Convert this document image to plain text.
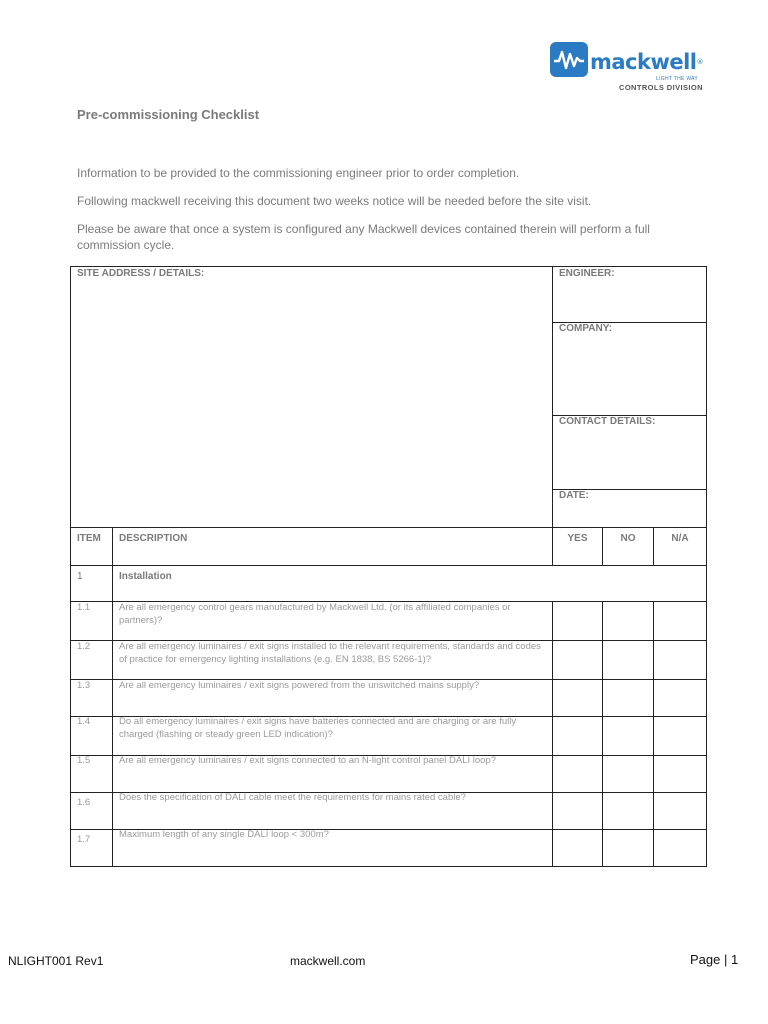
mackwell®
LIGHT THE WAY
CONTROLS DIVISION
Pre-commissioning Checklist
Information to be provided to the commissioning engineer prior to order completion.
Following mackwell receiving this document two weeks notice will be needed before the site visit.
Please be aware that once a system is configured any Mackwell devices contained therein will perform a full commission cycle.
SITE ADDRESS / DETAILS:	ENGINEER:
COMPANY:
CONTACT DETAILS:
DATE:
ITEM DESCRIPTION	YES	NO	N/A
1	Installation
1.1	Are all emergency control gears manufactured by Mackwell Ltd. (or its affiliated companies or partners)?
1.2	Are all emergency luminaires / exit signs installed to the relevant requirements, standards and codes of practice for emergency lighting installations (e.g. EN 1838, BS 5266-1)?
1.3	Are all emergency luminaires / exit signs powered from the unswitched mains supply?
1.4	Do all emergency luminaires / exit signs have batteries connected and are charging or are fully charged (flashing or steady green LED indication)?
1.5	Are all emergency luminaires / exit signs connected to an N-light control panel DALI loop?
1.6	Does the specification of DALI cable meet the requirements for mains rated cable?
1.7	Maximum length of any single DALI loop < 300m?
NLIGHT001 Rev1	mackwell.com	Page | 1
